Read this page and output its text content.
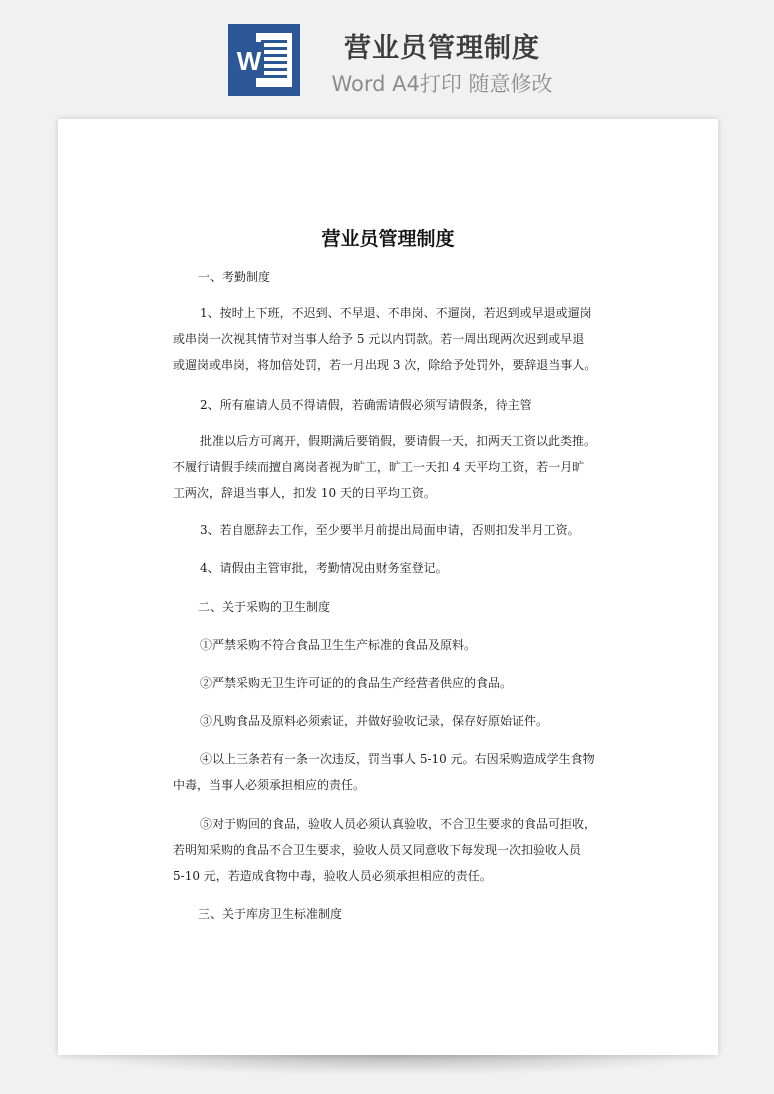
W	营业员管理制度
Word A4打印 随意修改
营业员管理制度
一、考勤制度
1、按时上下班，不迟到、不早退、不串岗、不遛岗，若迟到或早退或遛岗
或串岗一次视其情节对当事人给予 5 元以内罚款。若一周出现两次迟到或早退
或遛岗或串岗，将加倍处罚，若一月出现 3 次，除给予处罚外，要辞退当事人。
2、所有雇请人员不得请假，若确需请假必须写请假条，待主管
批准以后方可离开，假期满后要销假，要请假一天，扣两天工资以此类推。
不履行请假手续而擅自离岗者视为旷工，旷工一天扣 4 天平均工资，若一月旷
工两次，辞退当事人，扣发 10 天的日平均工资。
3、若自愿辞去工作，至少要半月前提出局面申请，否则扣发半月工资。
4、请假由主管审批，考勤情况由财务室登记。
二、关于采购的卫生制度
①严禁采购不符合食品卫生生产标准的食品及原料。
②严禁采购无卫生许可证的的食品生产经营者供应的食品。
③凡购食品及原料必须索证，并做好验收记录，保存好原始证件。
④以上三条若有一条一次违反，罚当事人 5-10 元。右因采购造成学生食物
中毒，当事人必须承担相应的责任。
⑤对于购回的食品，验收人员必须认真验收，不合卫生要求的食品可拒收，
若明知采购的食品不合卫生要求，验收人员又同意收下每发现一次扣验收人员
5-10 元，若造成食物中毒，验收人员必须承担相应的责任。
三、关于库房卫生标准制度
